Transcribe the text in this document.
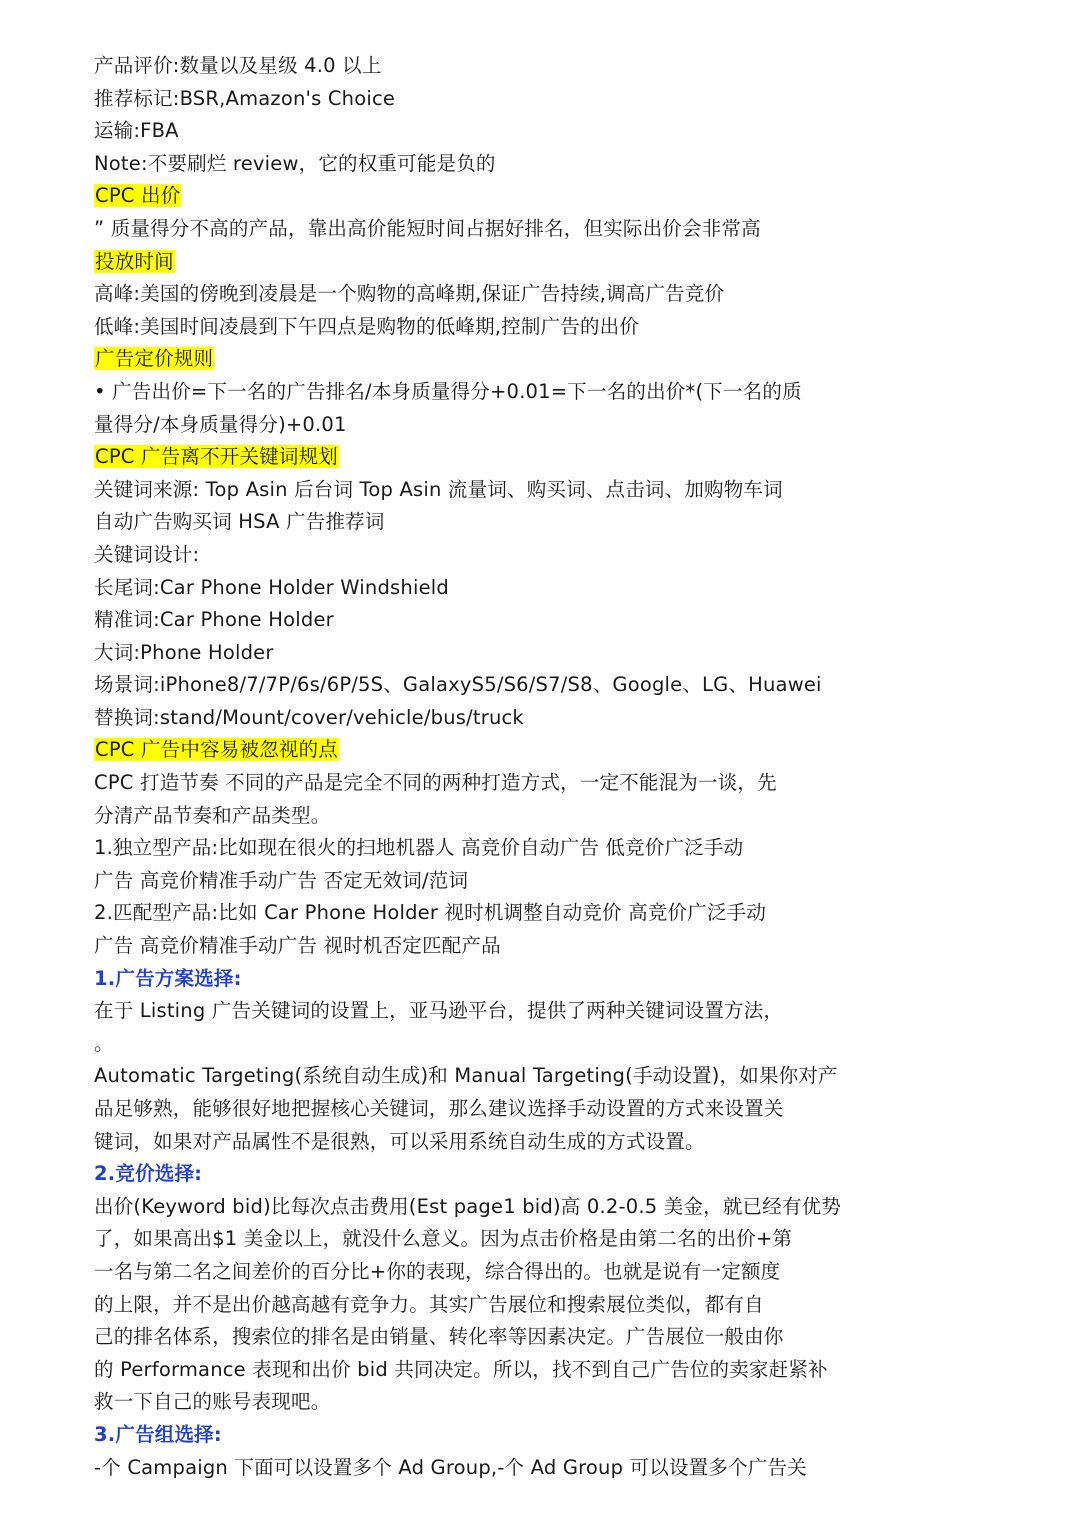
产品评价:数量以及星级 4.0 以上
推荐标记:BSR,Amazon's Choice
运输:FBA
Note:不要刷烂 review，它的权重可能是负的
CPC 出价
” 质量得分不高的产品，靠出高价能短时间占据好排名，但实际出价会非常高
投放时间
高峰:美国的傍晚到凌晨是一个购物的高峰期,保证广告持续,调高广告竞价
低峰:美国时间凌晨到下午四点是购物的低峰期,控制广告的出价
广告定价规则
• 广告出价=下一名的广告排名/本身质量得分+0.01=下一名的出价*(下一名的质
量得分/本身质量得分)+0.01
CPC 广告离不开关键词规划
关键词来源: Top Asin 后台词 Top Asin 流量词、购买词、点击词、加购物车词
自动广告购买词 HSA 广告推荐词
关键词设计:
长尾词:Car Phone Holder Windshield
精准词:Car Phone Holder
大词:Phone Holder
场景词:iPhone8/7/7P/6s/6P/5S、GalaxyS5/S6/S7/S8、Google、LG、Huawei
替换词:stand/Mount/cover/vehicle/bus/truck
CPC 广告中容易被忽视的点
CPC 打造节奏 不同的产品是完全不同的两种打造方式，一定不能混为一谈，先
分清产品节奏和产品类型。
1.独立型产品:比如现在很火的扫地机器人 高竞价自动广告 低竞价广泛手动
广告 高竞价精准手动广告 否定无效词/范词
2.匹配型产品:比如 Car Phone Holder 视时机调整自动竞价 高竞价广泛手动
广告 高竞价精准手动广告 视时机否定匹配产品
1.广告方案选择:
在于 Listing 广告关键词的设置上，亚马逊平台，提供了两种关键词设置方法，
。
Automatic Targeting(系统自动生成)和 Manual Targeting(手动设置)，如果你对产
品足够熟，能够很好地把握核心关键词，那么建议选择手动设置的方式来设置关
键词，如果对产品属性不是很熟，可以采用系统自动生成的方式设置。
2.竞价选择:
出价(Keyword bid)比每次点击费用(Est page1 bid)高 0.2-0.5 美金，就已经有优势
了，如果高出$1 美金以上，就没什么意义。因为点击价格是由第二名的出价+第
一名与第二名之间差价的百分比+你的表现，综合得出的。也就是说有一定额度
的上限，并不是出价越高越有竞争力。其实广告展位和搜索展位类似，都有自
己的排名体系，搜索位的排名是由销量、转化率等因素决定。广告展位一般由你
的 Performance 表现和出价 bid 共同决定。所以，找不到自己广告位的卖家赶紧补
救一下自己的账号表现吧。
3.广告组选择:
-个 Campaign 下面可以设置多个 Ad Group,-个 Ad Group 可以设置多个广告关
